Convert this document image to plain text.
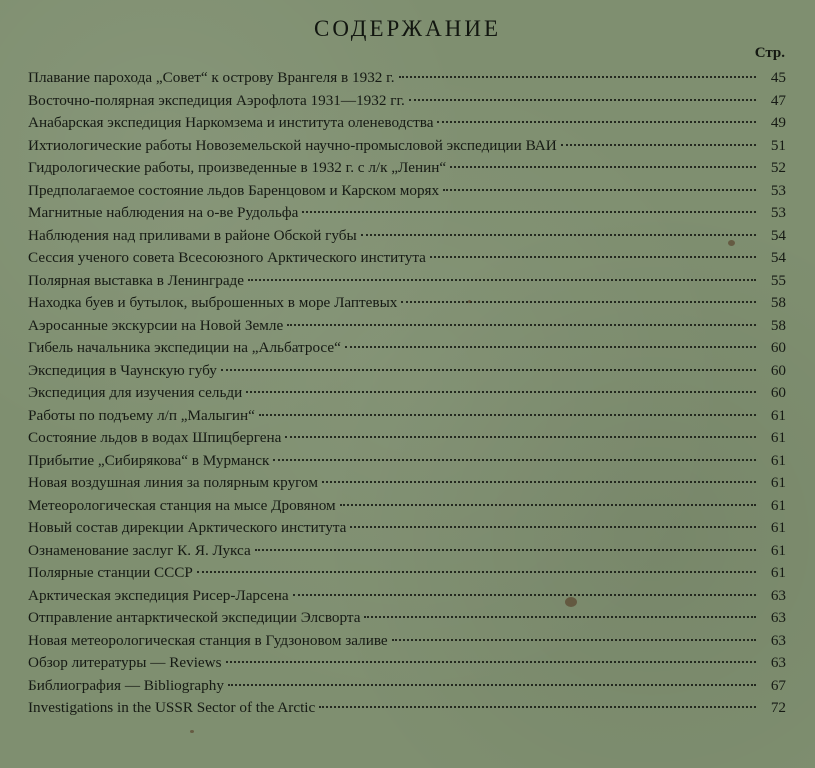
СОДЕРЖАНИЕ
Стр.
Плавание парохода „Совет“ к острову Врангеля в 1932 г.	45
Восточно-полярная экспедиция Аэрофлота 1931—1932 гг.	47
Анабарская экспедиция Наркомзема и института оленеводства	49
Ихтиологические работы Новоземельской научно-промысловой экспедиции ВАИ	51
Гидрологические работы, произведенные в 1932 г. с л/к „Ленин“	52
Предполагаемое состояние льдов Баренцовом и Карском морях	53
Магнитные наблюдения на о-ве Рудольфа	53
Наблюдения над приливами в районе Обской губы	54
Сессия ученого совета Всесоюзного Арктического института	54
Полярная выставка в Ленинграде	55
Находка буев и бутылок, выброшенных в море Лаптевых	58
Аэросанные экскурсии на Новой Земле	58
Гибель начальника экспедиции на „Альбатросе“	60
Экспедиция в Чаунскую губу	60
Экспедиция для изучения сельди	60
Работы по подъему л/п „Малыгин“	61
Состояние льдов в водах Шпицбергена	61
Прибытие „Сибирякова“ в Мурманск	61
Новая воздушная линия за полярным кругом	61
Метеорологическая станция на мысе Дровяном	61
Новый состав дирекции Арктического института	61
Ознаменование заслуг К. Я. Лукса	61
Полярные станции СССР	61
Арктическая экспедиция Рисер-Ларсена	63
Отправление антарктической экспедиции Элсворта	63
Новая метеорологическая станция в Гудзоновом заливе	63
Обзор литературы — Reviews	63
Библиография — Bibliography	67
Investigations in the USSR Sector of the Arctic	72
